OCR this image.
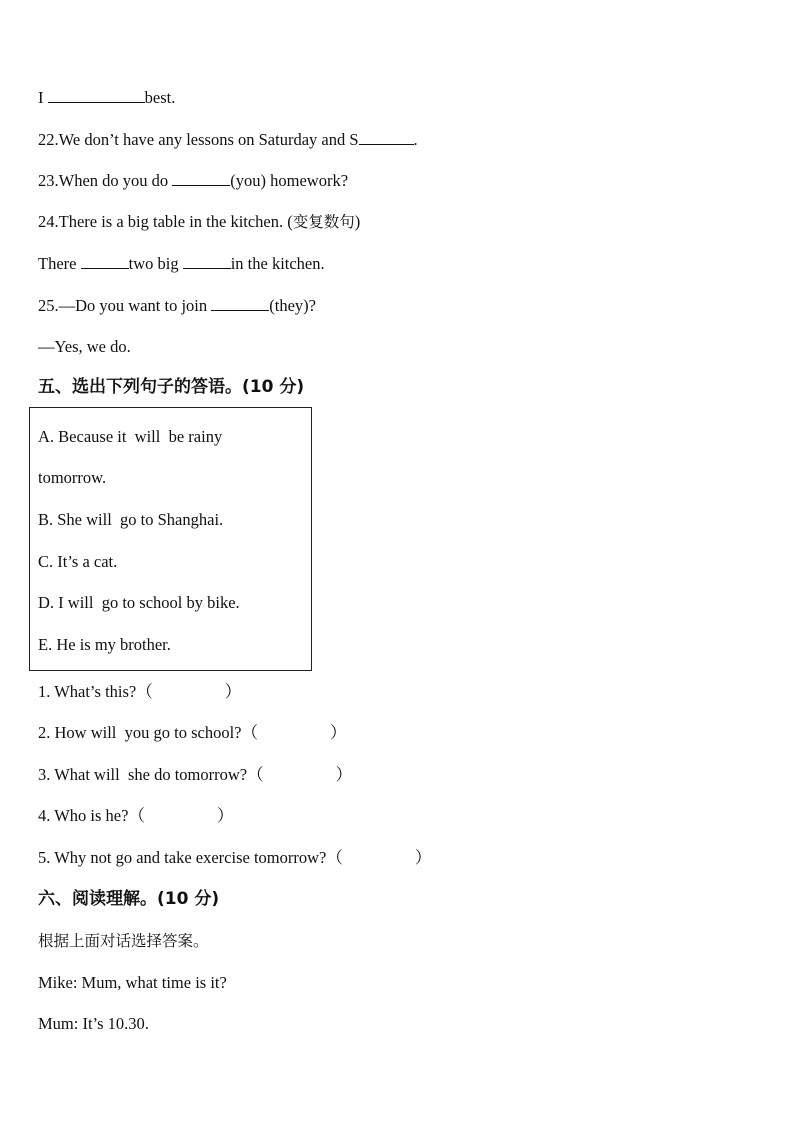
I	best.
22.We don’t have any lessons on Saturday and S	.
23.When do you do	(you) homework?
24.There is a big table in the kitchen. (变复数句)
There	two big	in the kitchen.
25.—Do you want to join	(they)?
—Yes, we do.
五、选出下列句子的答语。(10 分)
A. Because it  will  be rainy
tomorrow.
B. She will  go to Shanghai.
C. It’s a cat.
D. I will  go to school by bike.
E. He is my brother.
1. What’s this?（	）
2. How will  you go to school?（	）
3. What will  she do tomorrow?（	）
4. Who is he?（	）
5. Why not go and take exercise tomorrow?（	）
六、阅读理解。(10 分)
根据上面对话选择答案。
Mike: Mum, what time is it?
Mum: It’s 10.30.
